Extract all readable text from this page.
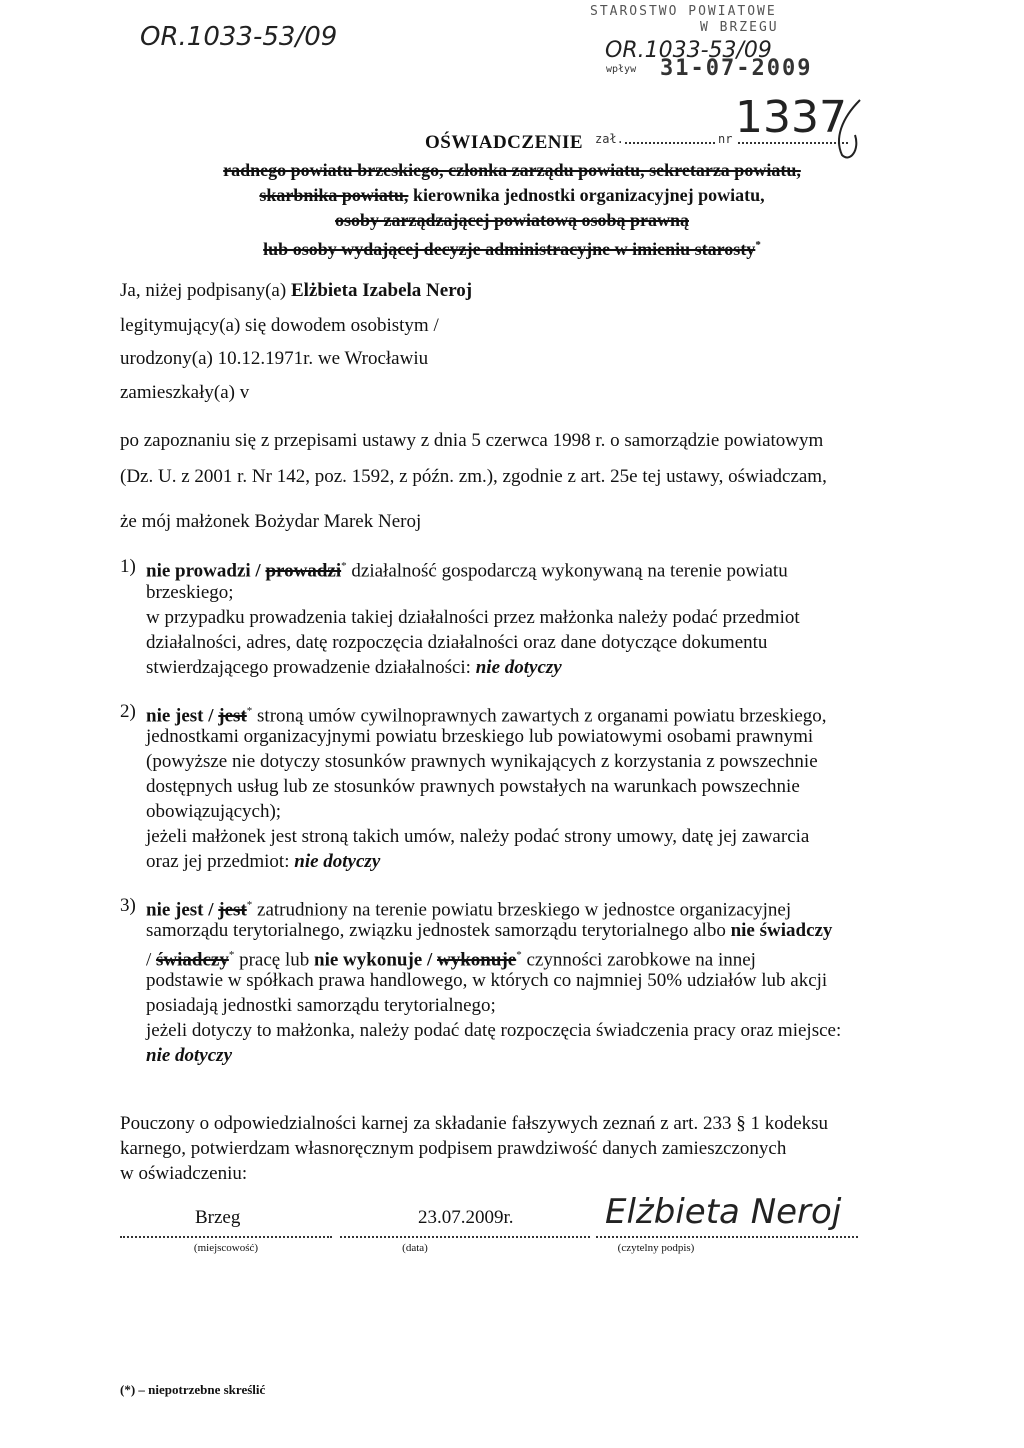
OR.1033-53/09
STAROSTWO POWIATOWE
W BRZEGU
OR.1033-53/09
wpływ 31-07-2009
zał.	nr 1337
OŚWIADCZENIE
radnego powiatu brzeskiego, członka zarządu powiatu, sekretarza powiatu,
skarbnika powiatu, kierownika jednostki organizacyjnej powiatu,
osoby zarządzającej powiatową osobą prawną
lub osoby wydającej decyzje administracyjne w imieniu starosty*
Ja, niżej podpisany(a) Elżbieta Izabela Neroj
legitymujący(a) się dowodem osobistym /
urodzony(a) 10.12.1971r. we Wrocławiu
zamieszkały(a) v
po zapoznaniu się z przepisami ustawy z dnia 5 czerwca 1998 r. o samorządzie powiatowym
(Dz. U. z 2001 r. Nr 142, poz. 1592, z późn. zm.), zgodnie z art. 25e tej ustawy, oświadczam,
że mój małżonek Bożydar Marek Neroj
1) nie prowadzi / prowadzi* działalność gospodarczą wykonywaną na terenie powiatu
brzeskiego;
w przypadku prowadzenia takiej działalności przez małżonka należy podać przedmiot
działalności, adres, datę rozpoczęcia działalności oraz dane dotyczące dokumentu
stwierdzającego prowadzenie działalności: nie dotyczy
2) nie jest / jest* stroną umów cywilnoprawnych zawartych z organami powiatu brzeskiego,
jednostkami organizacyjnymi powiatu brzeskiego lub powiatowymi osobami prawnymi
(powyższe nie dotyczy stosunków prawnych wynikających z korzystania z powszechnie
dostępnych usług lub ze stosunków prawnych powstałych na warunkach powszechnie
obowiązujących);
jeżeli małżonek jest stroną takich umów, należy podać strony umowy, datę jej zawarcia
oraz jej przedmiot: nie dotyczy
3) nie jest / jest* zatrudniony na terenie powiatu brzeskiego w jednostce organizacyjnej
samorządu terytorialnego, związku jednostek samorządu terytorialnego albo nie świadczy
/ świadczy* pracę lub nie wykonuje / wykonuje* czynności zarobkowe na innej
podstawie w spółkach prawa handlowego, w których co najmniej 50% udziałów lub akcji
posiadają jednostki samorządu terytorialnego;
jeżeli dotyczy to małżonka, należy podać datę rozpoczęcia świadczenia pracy oraz miejsce:
nie dotyczy
Pouczony o odpowiedzialności karnej za składanie fałszywych zeznań z art. 233 § 1 kodeksu
karnego, potwierdzam własnoręcznym podpisem prawdziwość danych zamieszczonych
w oświadczeniu:
Brzeg	23.07.2009r.	Elżbieta Neroj
(miejscowość)	(data)	(czytelny podpis)
(*) – niepotrzebne skreślić
